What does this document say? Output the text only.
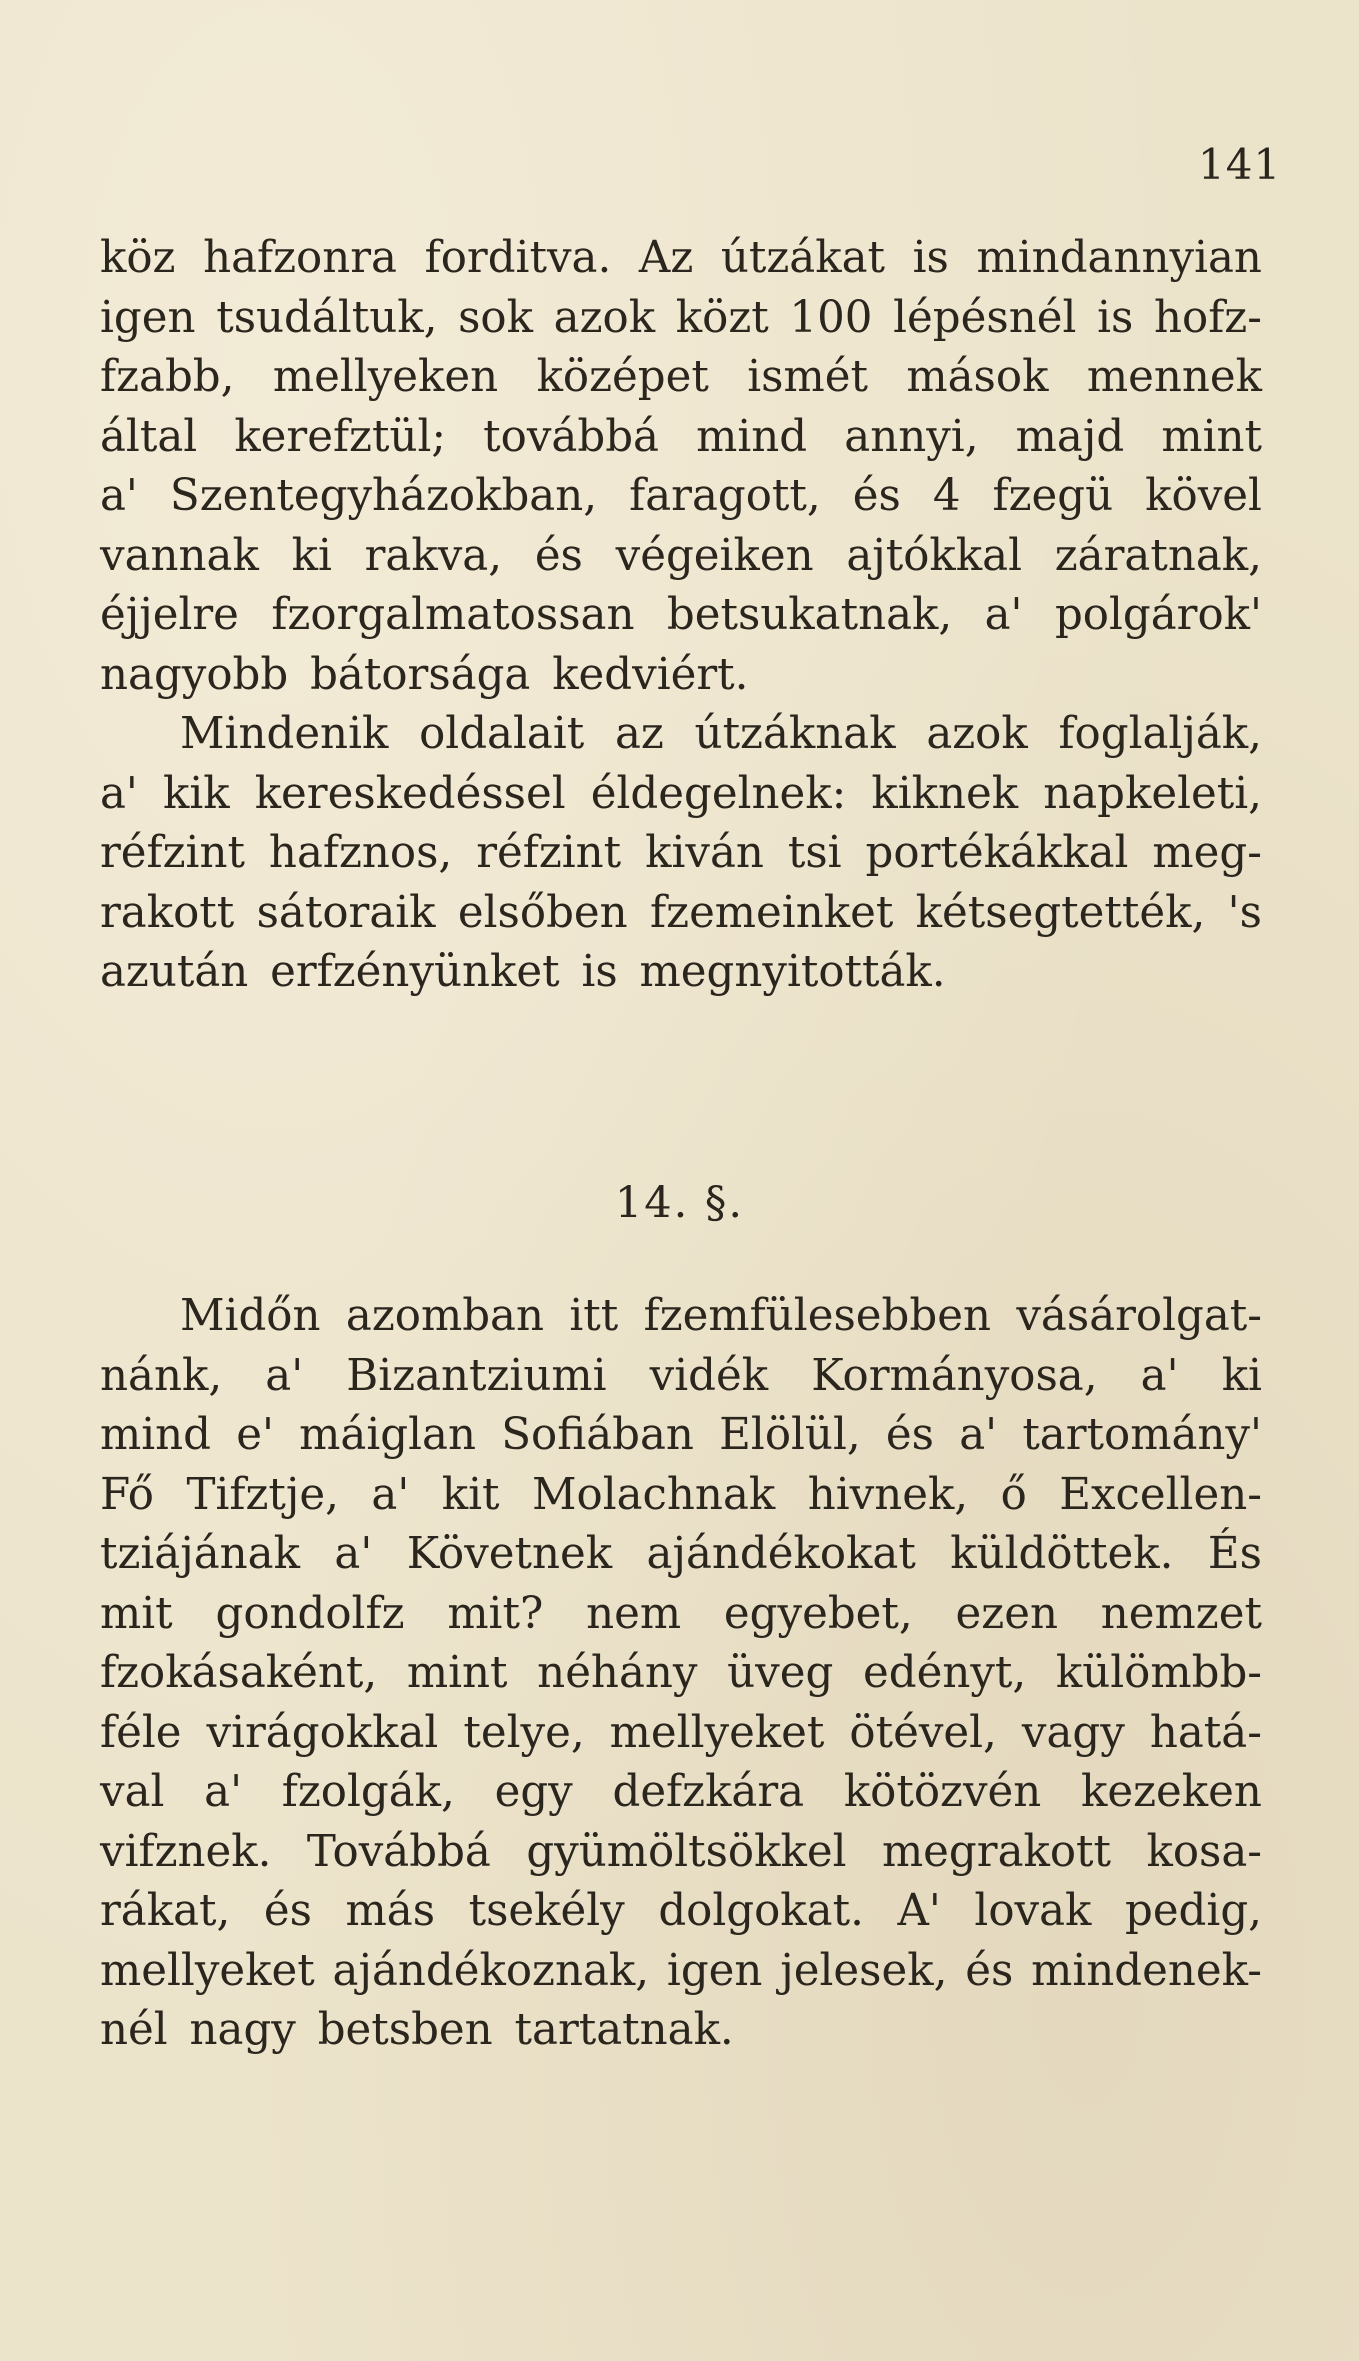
141
köz hafzonra forditva. Az útzákat is mindannyian
igen tsudáltuk, sok azok közt 100 lépésnél is hofz-
fzabb, mellyeken középet ismét mások mennek
által kerefztül; továbbá mind annyi, majd mint
a' Szentegyházokban, faragott, és 4 fzegü kövel
vannak ki rakva, és végeiken ajtókkal záratnak,
éjjelre fzorgalmatossan betsukatnak, a' polgárok'
nagyobb bátorsága kedviért.
Mindenik oldalait az útzáknak azok foglalják,
a' kik kereskedéssel éldegelnek: kiknek napkeleti,
réfzint hafznos, réfzint kiván tsi portékákkal meg-
rakott sátoraik elsőben fzemeinket kétsegtették, 's
azután erfzényünket is megnyitották.
14. §.
Midőn azomban itt fzemfülesebben vásárolgat-
nánk, a' Bizantziumi vidék Kormányosa, a' ki
mind e' máiglan Sofiában Elölül, és a' tartomány'
Fő Tifztje, a' kit Molachnak hivnek, ő Excellen-
tziájának a' Követnek ajándékokat küldöttek. És
mit gondolfz mit? nem egyebet, ezen nemzet
fzokásaként, mint néhány üveg edényt, külömbb-
féle virágokkal telye, mellyeket ötével, vagy hatá-
val a' fzolgák, egy defzkára kötözvén kezeken
vifznek. Továbbá gyümöltsökkel megrakott kosa-
rákat, és más tsekély dolgokat. A' lovak pedig,
mellyeket ajándékoznak, igen jelesek, és mindenek-
nél nagy betsben tartatnak.
